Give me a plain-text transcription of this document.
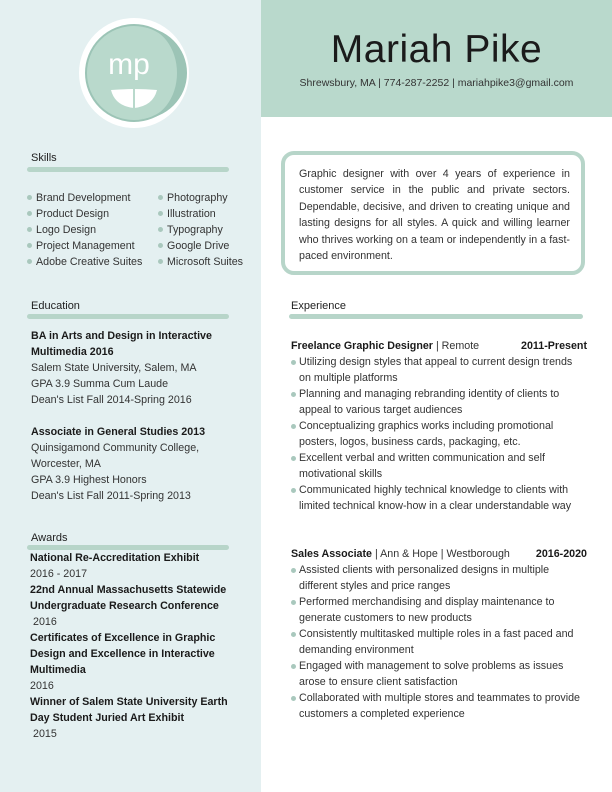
mp	Mariah Pike
Shrewsbury, MA | 774-287-2252 | mariahpike3@gmail.com
Skills
Brand Development
Product Design
Logo Design
Project Management
Adobe Creative Suites
Photography
Illustration
Typography
Google Drive
Microsoft Suites
Education
BA in Arts and Design in Interactive Multimedia 2016
Salem State University, Salem, MA
GPA 3.9 Summa Cum Laude
Dean's List Fall 2014-Spring 2016
Associate in General Studies 2013
Quinsigamond Community College, Worcester, MA
GPA 3.9 Highest Honors
Dean's List Fall 2011-Spring 2013
Awards
National Re-Accreditation Exhibit
2016 - 2017
22nd Annual Massachusetts Statewide Undergraduate Research Conference
2016
Certificates of Excellence in Graphic Design and Excellence in Interactive Multimedia
2016
Winner of Salem State University Earth Day Student Juried Art Exhibit
2015
Graphic designer with over 4 years of experience in customer service in the public and private sectors. Dependable, decisive, and driven to creating unique and lasting designs for all styles. A quick and willing learner who thrives working on a team or independently in a fast-paced environment.
Experience
Freelance Graphic Designer | Remote	2011-Present
Utilizing design styles that appeal to current design trends on multiple platforms
Planning and managing rebranding identity of clients to appeal to various target audiences
Conceptualizing graphics works including promotional posters, logos, business cards, packaging, etc.
Excellent verbal and written communication and self motivational skills
Communicated highly technical knowledge to clients with limited technical know-how in a clear understandable way
Sales Associate | Ann & Hope | Westborough 2016-2020
Assisted clients with personalized designs in multiple different styles and price ranges
Performed merchandising and display maintenance to generate customers to new products
Consistently multitasked multiple roles in a fast paced and demanding environment
Engaged with management to solve problems as issues arose to ensure client satisfaction
Collaborated with multiple stores and teammates to provide customers a completed experience
